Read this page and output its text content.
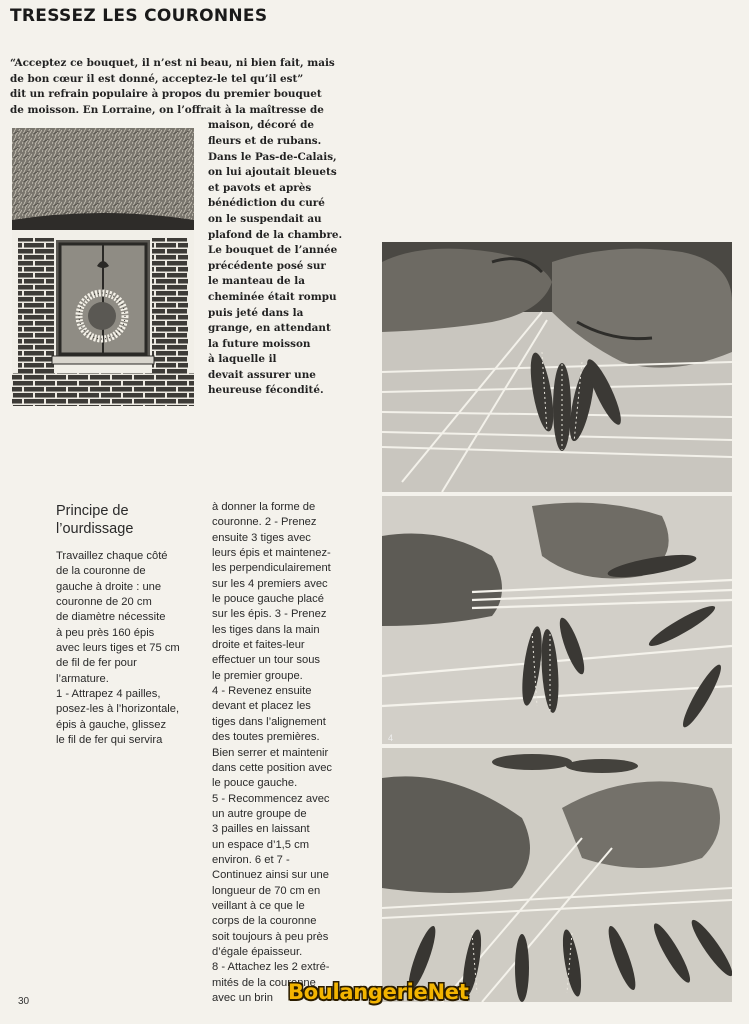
TRESSEZ LES COURONNES
“Acceptez ce bouquet, il n’est ni beau, ni bien fait, mais
de bon cœur il est donné, acceptez-le tel qu’il est”
dit un refrain populaire à propos du premier bouquet
de moisson. En Lorraine, on l’offrait à la maîtresse de
maison, décoré de
fleurs et de rubans.
Dans le Pas-de-Calais,
on lui ajoutait bleuets
et pavots et après
bénédiction du curé
on le suspendait au
plafond de la chambre.
Le bouquet de l’année
précédente posé sur
le manteau de la
cheminée était rompu
puis jeté dans la
grange, en attendant
la future moisson
à laquelle il
devait assurer une
heureuse fécondité.
4
Principe de
l’ourdissage
Travaillez chaque côté
de la couronne de
gauche à droite : une
couronne de 20 cm
de diamètre nécessite
à peu près 160 épis
avec leurs tiges et 75 cm
de fil de fer pour
l’armature.
1 - Attrapez 4 pailles,
posez-les à l’horizontale,
épis à gauche, glissez
le fil de fer qui servira
à donner la forme de
couronne. 2 - Prenez
ensuite 3 tiges avec
leurs épis et maintenez-
les perpendiculairement
sur les 4 premiers avec
le pouce gauche placé
sur les épis. 3 - Prenez
les tiges dans la main
droite et faites-leur
effectuer un tour sous
le premier groupe.
4 - Revenez ensuite
devant et placez les
tiges dans l’alignement
des toutes premières.
Bien serrer et maintenir
dans cette position avec
le pouce gauche.
5 - Recommencez avec
un autre groupe de
3 pailles en laissant
un espace d’1,5 cm
environ. 6 et 7 -
Continuez ainsi sur une
longueur de 70 cm en
veillant à ce que le
corps de la couronne
soit toujours à peu près
d’égale épaisseur.
8 - Attachez les 2 extré-
mités de la couronne
avec un brin
30	BoulangerieNet
